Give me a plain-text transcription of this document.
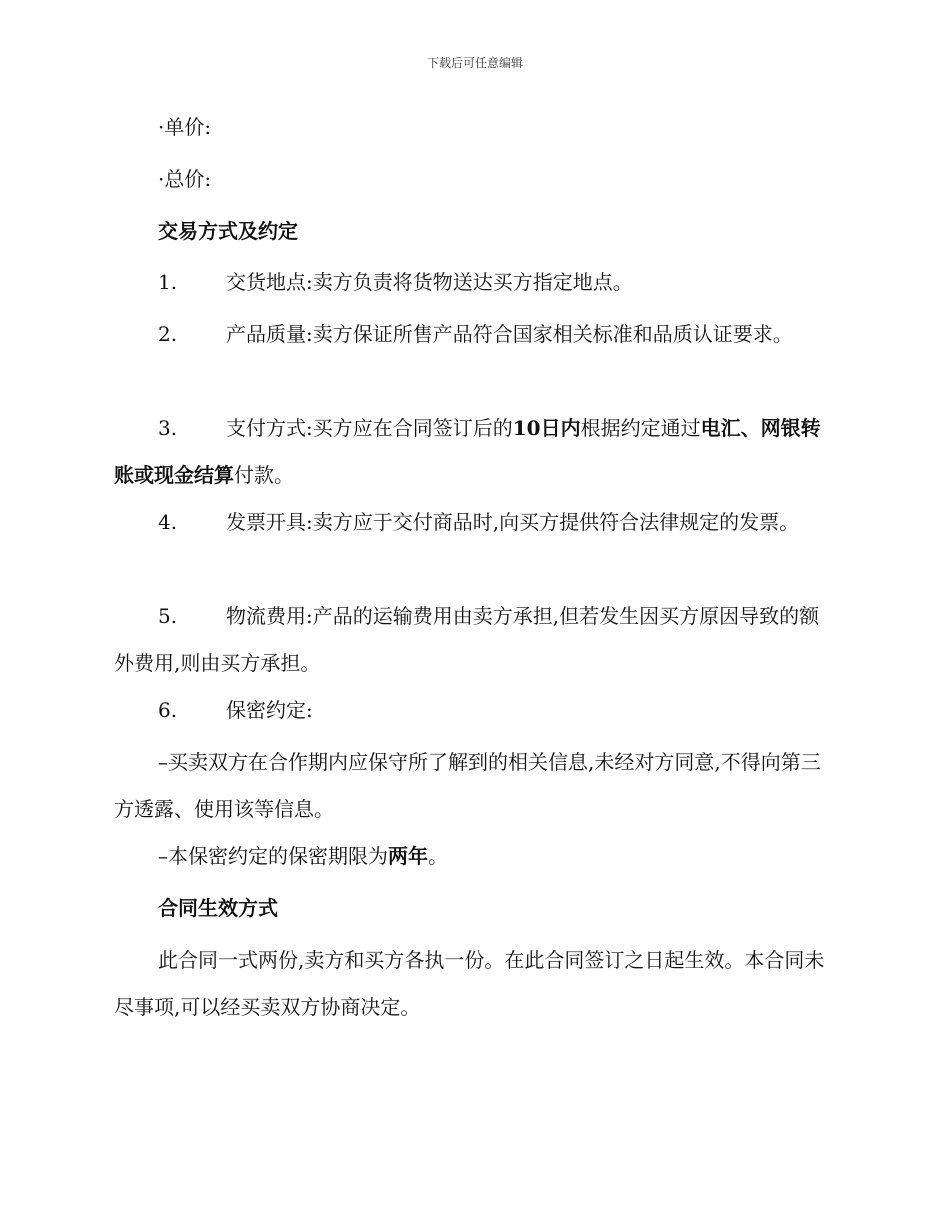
下载后可任意编辑

·单价:

·总价:

交易方式及约定

1. 交货地点:卖方负责将货物送达买方指定地点。

2. 产品质量:卖方保证所售产品符合国家相关标准和品质认证要求。

3. 支付方式:买方应在合同签订后的10日内根据约定通过电汇、网银转账或现金结算付款。

4. 发票开具:卖方应于交付商品时,向买方提供符合法律规定的发票。

5. 物流费用:产品的运输费用由卖方承担,但若发生因买方原因导致的额外费用,则由买方承担。

6. 保密约定:

–买卖双方在合作期内应保守所了解到的相关信息,未经对方同意,不得向第三方透露、使用该等信息。

–本保密约定的保密期限为两年。

合同生效方式

此合同一式两份,卖方和买方各执一份。在此合同签订之日起生效。本合同未尽事项,可以经买卖双方协商决定。
